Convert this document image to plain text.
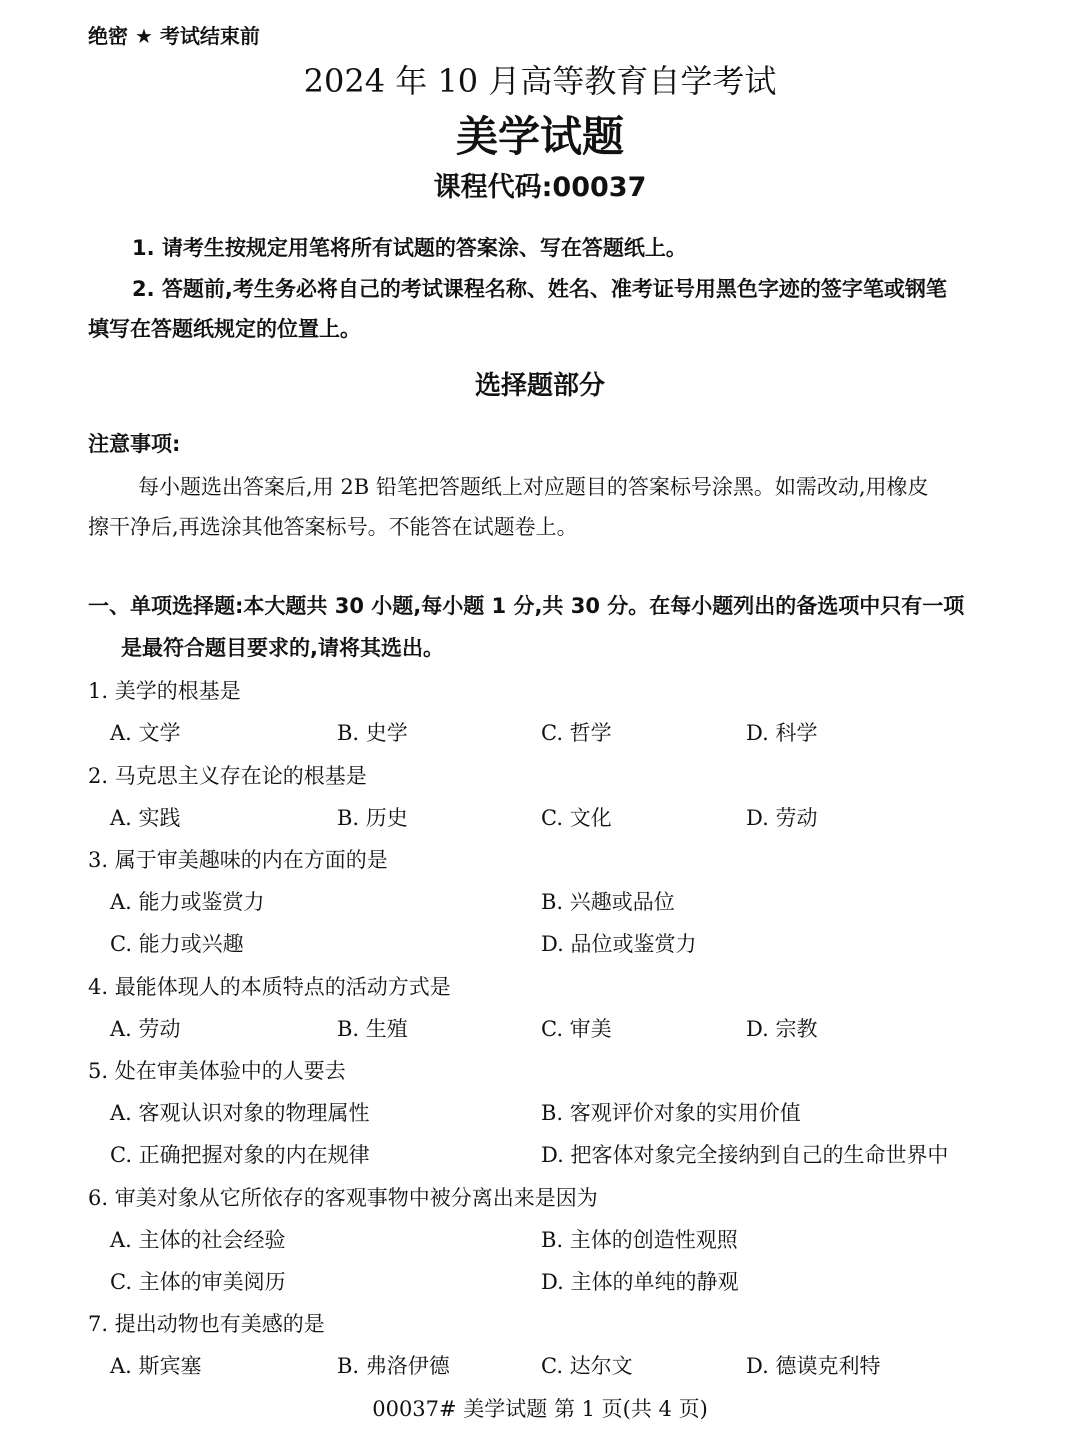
绝密 ★ 考试结束前
2024 年 10 月高等教育自学考试
美学试题
课程代码:00037
1. 请考生按规定用笔将所有试题的答案涂、写在答题纸上。
2. 答题前,考生务必将自己的考试课程名称、姓名、准考证号用黑色字迹的签字笔或钢笔
填写在答题纸规定的位置上。
选择题部分
注意事项:
每小题选出答案后,用 2B 铅笔把答题纸上对应题目的答案标号涂黑。如需改动,用橡皮
擦干净后,再选涂其他答案标号。不能答在试题卷上。
一、单项选择题:本大题共 30 小题,每小题 1 分,共 30 分。在每小题列出的备选项中只有一项
是最符合题目要求的,请将其选出。
1. 美学的根基是
A. 文学	B. 史学	C. 哲学	D. 科学
2. 马克思主义存在论的根基是
A. 实践	B. 历史	C. 文化	D. 劳动
3. 属于审美趣味的内在方面的是
A. 能力或鉴赏力	B. 兴趣或品位
C. 能力或兴趣	D. 品位或鉴赏力
4. 最能体现人的本质特点的活动方式是
A. 劳动	B. 生殖	C. 审美	D. 宗教
5. 处在审美体验中的人要去
A. 客观认识对象的物理属性	B. 客观评价对象的实用价值
C. 正确把握对象的内在规律	D. 把客体对象完全接纳到自己的生命世界中
6. 审美对象从它所依存的客观事物中被分离出来是因为
A. 主体的社会经验	B. 主体的创造性观照
C. 主体的审美阅历	D. 主体的单纯的静观
7. 提出动物也有美感的是
A. 斯宾塞	B. 弗洛伊德	C. 达尔文	D. 德谟克利特
00037# 美学试题 第 1 页(共 4 页)
